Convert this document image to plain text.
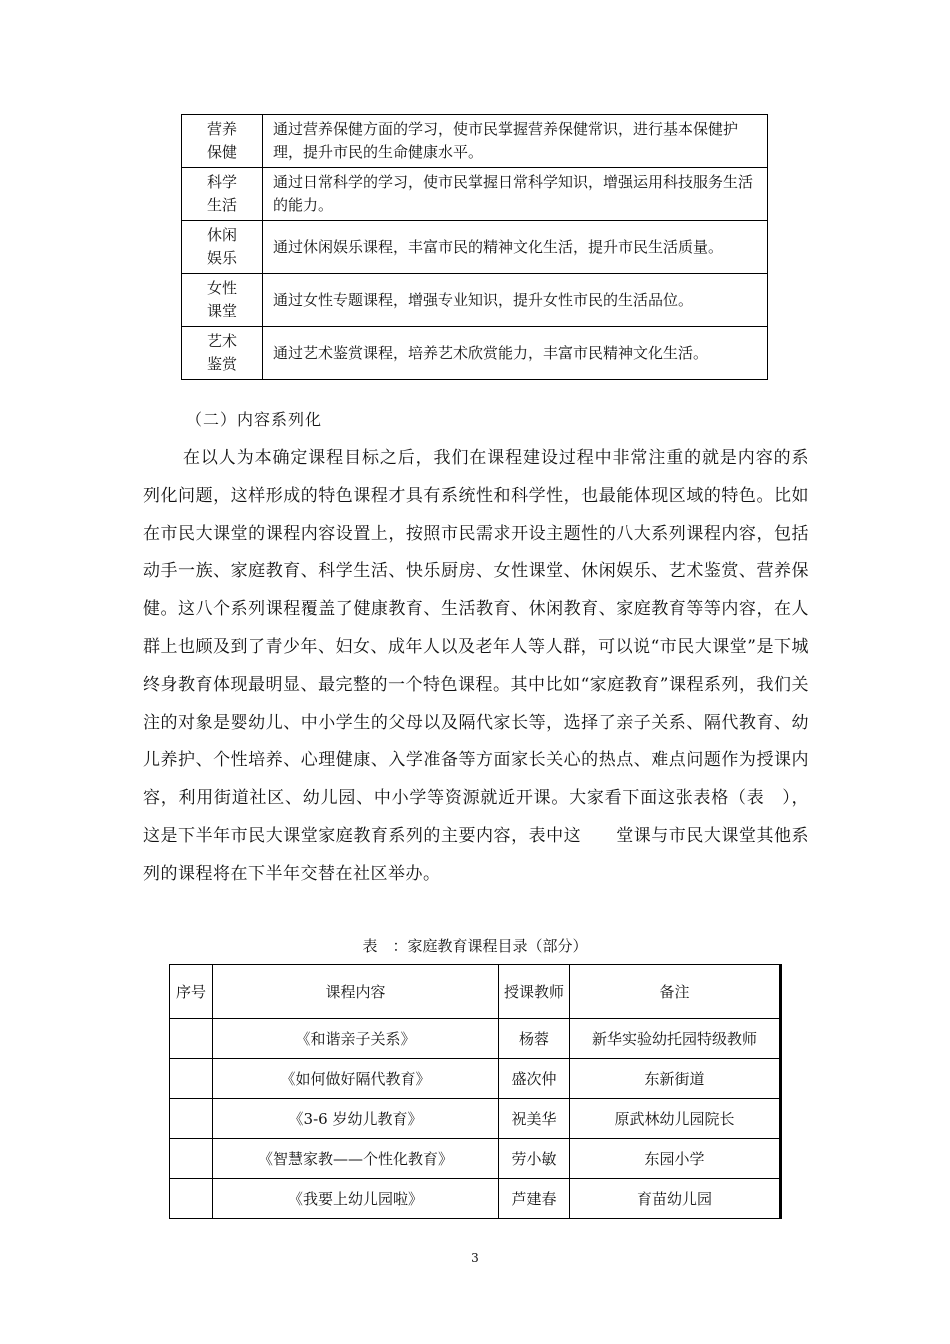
营养
保健	通过营养保健方面的学习，使市民掌握营养保健常识，进行基本保健护理，提升市民的生命健康水平。
科学
生活	通过日常科学的学习，使市民掌握日常科学知识，增强运用科技服务生活的能力。
休闲
娱乐	通过休闲娱乐课程，丰富市民的精神文化生活，提升市民生活质量。
女性
课堂	通过女性专题课程，增强专业知识，提升女性市民的生活品位。
艺术
鉴赏	通过艺术鉴赏课程，培养艺术欣赏能力，丰富市民精神文化生活。
（二）内容系列化

在以人为本确定课程目标之后，我们在课程建设过程中非常注重的就是内容的系列化问题，这样形成的特色课程才具有系统性和科学性，也最能体现区域的特色。比如在市民大课堂的课程内容设置上，按照市民需求开设主题性的八大系列课程内容，包括动手一族、家庭教育、科学生活、快乐厨房、女性课堂、休闲娱乐、艺术鉴赏、营养保健。这八个系列课程覆盖了健康教育、生活教育、休闲教育、家庭教育等等内容，在人群上也顾及到了青少年、妇女、成年人以及老年人等人群，可以说“市民大课堂”是下城终身教育体现最明显、最完整的一个特色课程。其中比如“家庭教育”课程系列，我们关注的对象是婴幼儿、中小学生的父母以及隔代家长等，选择了亲子关系、隔代教育、幼儿养护、个性培养、心理健康、入学准备等方面家长关心的热点、难点问题作为授课内容，利用街道社区、幼儿园、中小学等资源就近开课。大家看下面这张表格（表　），这是下半年市民大课堂家庭教育系列的主要内容，表中这　　堂课与市民大课堂其他系列的课程将在下半年交替在社区举办。

表　：家庭教育课程目录（部分）
序号	课程内容	授课教师	备注
	《和谐亲子关系》	杨蓉	新华实验幼托园特级教师
	《如何做好隔代教育》	盛次仲	东新街道
	《3-6 岁幼儿教育》	祝美华	原武林幼儿园院长
	《智慧家教——个性化教育》	劳小敏	东园小学
	《我要上幼儿园啦》	芦建春	育苗幼儿园
3
